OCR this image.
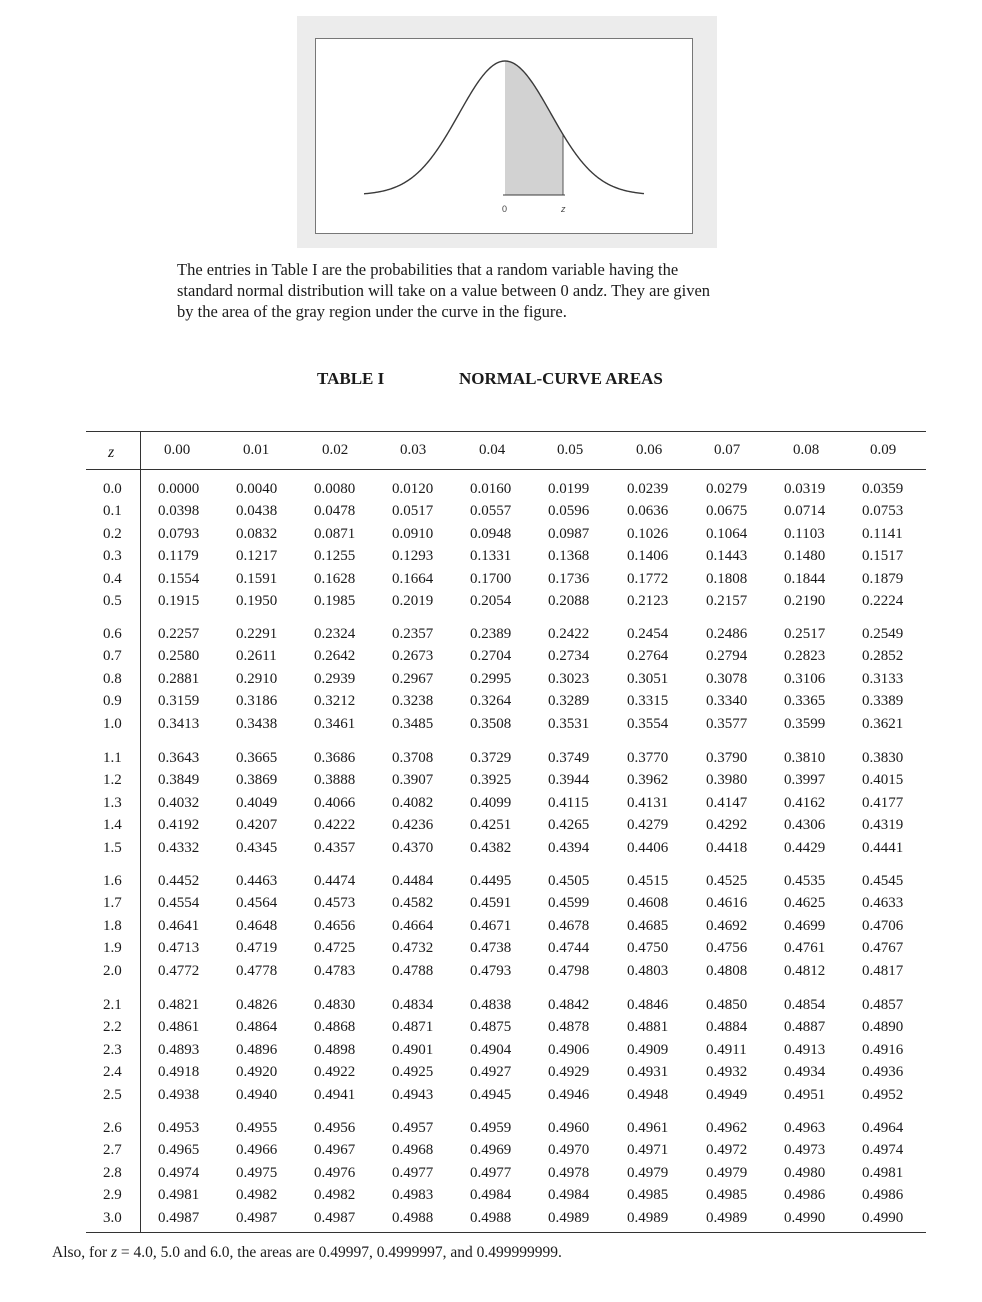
0	z
The entries in Table I are the probabilities that a random variable having the
standard normal distribution will take on a value between 0 andz. They are given
by the area of the gray region under the curve in the figure.
TABLE I	NORMAL-CURVE AREAS
z	0.00	0.01	0.02	0.03	0.04	0.05	0.06	0.07	0.08	0.09
0.0 0.0000 0.0040 0.0080 0.0120 0.0160 0.0199	0.0239	0.0279 0.0319 0.0359
0.1 0.0398 0.0438 0.0478 0.0517 0.0557 0.0596	0.0636	0.0675 0.0714 0.0753
0.2 0.0793 0.0832 0.0871 0.0910 0.0948 0.0987	0.1026	0.1064 0.1103 0.1141
0.3 0.1179 0.1217 0.1255 0.1293 0.1331 0.1368	0.1406	0.1443 0.1480 0.1517
0.4 0.1554 0.1591 0.1628 0.1664 0.1700 0.1736	0.1772	0.1808 0.1844 0.1879
0.5 0.1915 0.1950 0.1985 0.2019 0.2054 0.2088	0.2123	0.2157 0.2190 0.2224
0.6 0.2257 0.2291 0.2324 0.2357 0.2389 0.2422	0.2454	0.2486 0.2517 0.2549
0.7 0.2580 0.2611 0.2642 0.2673 0.2704 0.2734	0.2764	0.2794 0.2823 0.2852
0.8 0.2881 0.2910 0.2939 0.2967 0.2995 0.3023	0.3051	0.3078 0.3106 0.3133
0.9 0.3159 0.3186 0.3212 0.3238 0.3264 0.3289	0.3315	0.3340 0.3365 0.3389
1.0 0.3413 0.3438 0.3461 0.3485 0.3508 0.3531	0.3554	0.3577 0.3599 0.3621
1.1 0.3643 0.3665 0.3686 0.3708 0.3729 0.3749	0.3770	0.3790 0.3810 0.3830
1.2 0.3849 0.3869 0.3888 0.3907 0.3925 0.3944	0.3962	0.3980 0.3997 0.4015
1.3 0.4032 0.4049 0.4066 0.4082 0.4099 0.4115	0.4131	0.4147 0.4162 0.4177
1.4 0.4192 0.4207 0.4222 0.4236 0.4251 0.4265	0.4279	0.4292 0.4306 0.4319
1.5 0.4332 0.4345 0.4357 0.4370 0.4382 0.4394	0.4406	0.4418 0.4429 0.4441
1.6 0.4452 0.4463 0.4474 0.4484 0.4495 0.4505	0.4515	0.4525 0.4535 0.4545
1.7 0.4554 0.4564 0.4573 0.4582 0.4591 0.4599	0.4608	0.4616 0.4625 0.4633
1.8 0.4641 0.4648 0.4656 0.4664 0.4671 0.4678	0.4685	0.4692 0.4699 0.4706
1.9 0.4713 0.4719 0.4725 0.4732 0.4738 0.4744	0.4750	0.4756 0.4761 0.4767
2.0 0.4772 0.4778 0.4783 0.4788 0.4793 0.4798	0.4803	0.4808 0.4812 0.4817
2.1 0.4821 0.4826 0.4830 0.4834 0.4838 0.4842	0.4846	0.4850 0.4854 0.4857
2.2 0.4861 0.4864 0.4868 0.4871 0.4875 0.4878	0.4881	0.4884 0.4887 0.4890
2.3 0.4893 0.4896 0.4898 0.4901 0.4904 0.4906	0.4909	0.4911 0.4913 0.4916
2.4 0.4918 0.4920 0.4922 0.4925 0.4927 0.4929	0.4931	0.4932 0.4934 0.4936
2.5 0.4938 0.4940 0.4941 0.4943 0.4945 0.4946	0.4948	0.4949 0.4951 0.4952
2.6 0.4953 0.4955 0.4956 0.4957 0.4959 0.4960	0.4961	0.4962 0.4963 0.4964
2.7 0.4965 0.4966 0.4967 0.4968 0.4969 0.4970	0.4971	0.4972 0.4973 0.4974
2.8 0.4974 0.4975 0.4976 0.4977 0.4977 0.4978	0.4979	0.4979 0.4980 0.4981
2.9 0.4981 0.4982 0.4982 0.4983 0.4984 0.4984	0.4985	0.4985 0.4986 0.4986
3.0 0.4987 0.4987 0.4987 0.4988 0.4988 0.4989	0.4989	0.4989 0.4990 0.4990
Also, for z = 4.0, 5.0 and 6.0, the areas are 0.49997, 0.4999997, and 0.499999999.
